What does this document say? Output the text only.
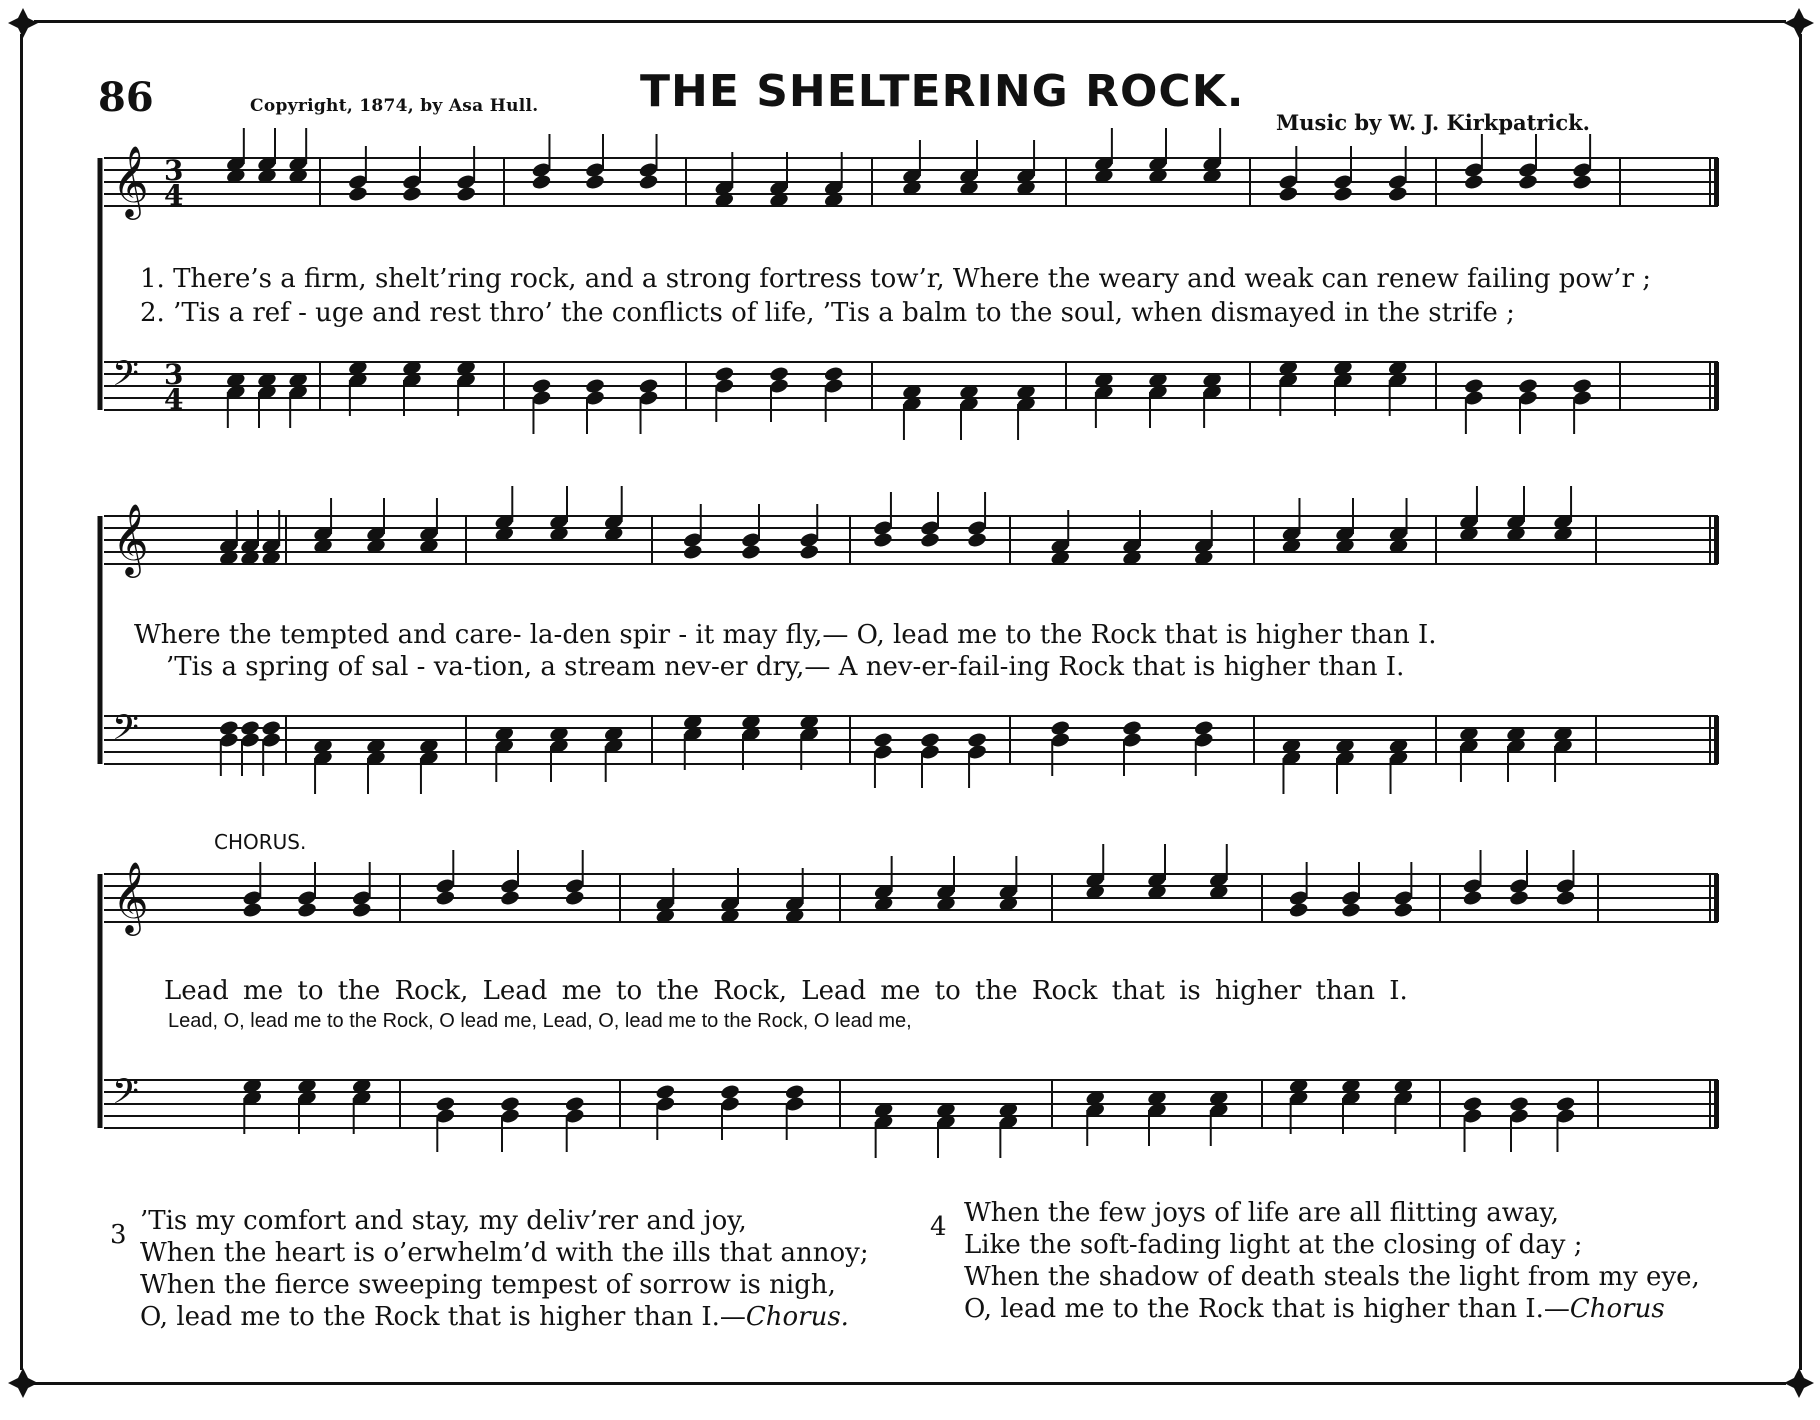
86	Copyright, 1874, by Asa Hull. THE SHELTERING ROCK.
Music by W. J. Kirkpatrick.
𝄞 3
4
𝄢 3
4
𝄞
𝄢
𝄞
𝄢
1. There’s a firm, shelt’ring rock, and a strong fortress tow’r, Where the weary and weak can renew failing pow’r ;
2. ’Tis a ref - uge and rest thro’ the conflicts of life, ’Tis a balm to the soul, when dismayed in the strife ;
Where the tempted and care- la-den spir - it may fly,— O, lead me to the Rock that is higher than I.
’Tis a spring of sal - va-tion, a stream nev-er dry,— A nev-er-fail-ing Rock that is higher than I.
CHORUS.
Lead me to the Rock, Lead me to the Rock, Lead me to the Rock that is higher than I.
Lead, O, lead me to the Rock, O lead me, Lead, O, lead me to the Rock, O lead me,
3 ’Tis my comfort and stay, my deliv’rer and joy,
When the heart is o’erwhelm’d with the ills that annoy;
When the fierce sweeping tempest of sorrow is nigh,
O, lead me to the Rock that is higher than I.—Chorus.
4 When the few joys of life are all flitting away,
Like the soft-fading light at the closing of day ;
When the shadow of death steals the light from my eye,
O, lead me to the Rock that is higher than I.—Chorus
